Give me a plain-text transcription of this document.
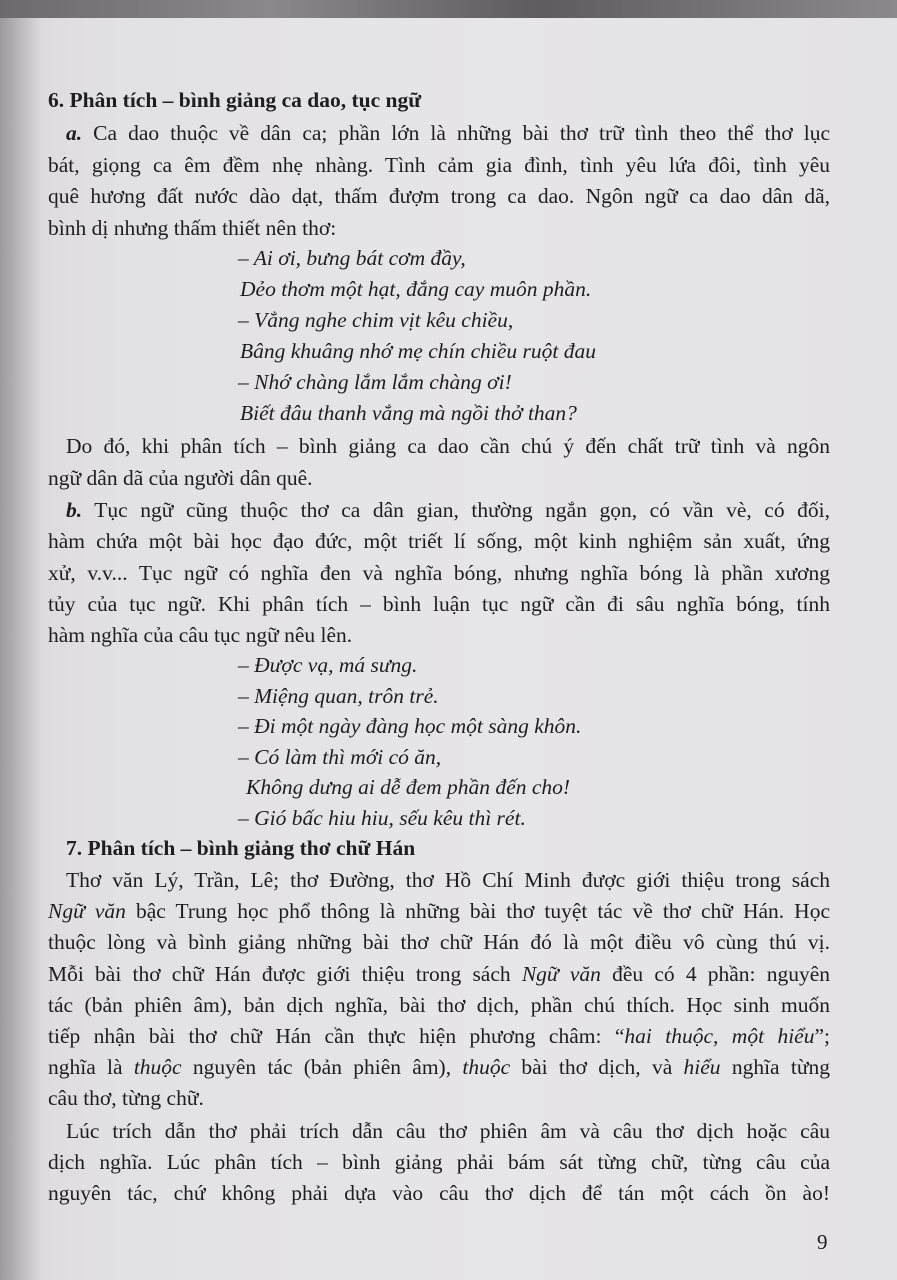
6. Phân tích – bình giảng ca dao, tục ngữ
a. Ca dao thuộc về dân ca; phần lớn là những bài thơ trữ tình theo thể thơ lục
bát, giọng ca êm đềm nhẹ nhàng. Tình cảm gia đình, tình yêu lứa đôi, tình yêu
quê hương đất nước dào dạt, thấm đượm trong ca dao. Ngôn ngữ ca dao dân dã,
bình dị nhưng thấm thiết nên thơ:
– Ai ơi, bưng bát cơm đầy,
Dẻo thơm một hạt, đắng cay muôn phần.
– Vẳng nghe chim vịt kêu chiều,
Bâng khuâng nhớ mẹ chín chiều ruột đau
– Nhớ chàng lắm lắm chàng ơi!
Biết đâu thanh vắng mà ngồi thở than?
Do đó, khi phân tích – bình giảng ca dao cần chú ý đến chất trữ tình và ngôn
ngữ dân dã của người dân quê.
b. Tục ngữ cũng thuộc thơ ca dân gian, thường ngắn gọn, có vần vè, có đối,
hàm chứa một bài học đạo đức, một triết lí sống, một kinh nghiệm sản xuất, ứng
xử, v.v... Tục ngữ có nghĩa đen và nghĩa bóng, nhưng nghĩa bóng là phần xương
tủy của tục ngữ. Khi phân tích – bình luận tục ngữ cần đi sâu nghĩa bóng, tính
hàm nghĩa của câu tục ngữ nêu lên.
– Được vạ, má sưng.
– Miệng quan, trôn trẻ.
– Đi một ngày đàng học một sàng khôn.
– Có làm thì mới có ăn,
Không dưng ai dễ đem phần đến cho!
– Gió bấc hiu hiu, sếu kêu thì rét.
7. Phân tích – bình giảng thơ chữ Hán
Thơ văn Lý, Trần, Lê; thơ Đường, thơ Hồ Chí Minh được giới thiệu trong sách
Ngữ văn bậc Trung học phổ thông là những bài thơ tuyệt tác về thơ chữ Hán. Học
thuộc lòng và bình giảng những bài thơ chữ Hán đó là một điều vô cùng thú vị.
Mỗi bài thơ chữ Hán được giới thiệu trong sách Ngữ văn đều có 4 phần: nguyên
tác (bản phiên âm), bản dịch nghĩa, bài thơ dịch, phần chú thích. Học sinh muốn
tiếp nhận bài thơ chữ Hán cần thực hiện phương châm: “hai thuộc, một hiểu”;
nghĩa là thuộc nguyên tác (bản phiên âm), thuộc bài thơ dịch, và hiểu nghĩa từng
câu thơ, từng chữ.
Lúc trích dẫn thơ phải trích dẫn câu thơ phiên âm và câu thơ dịch hoặc câu
dịch nghĩa. Lúc phân tích – bình giảng phải bám sát từng chữ, từng câu của
nguyên tác, chứ không phải dựa vào câu thơ dịch để tán một cách ồn ào!
9
